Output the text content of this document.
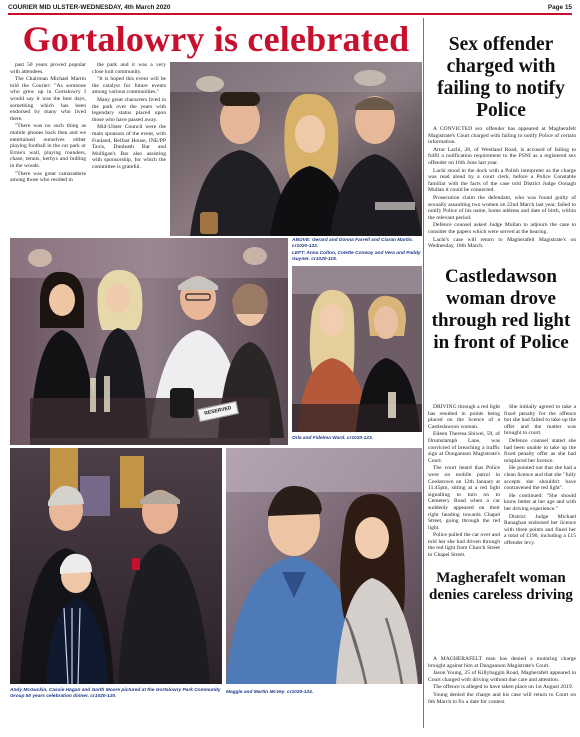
COURIER MID ULSTER-WEDNESDAY, 4th March 2020	Page 15
Gortalowry is celebrated

past 50 years proved popular with attendees.

The Chairman Michael Martin told the Courier: "As someone who grew up in Gortalowry I would say it was the best days, something which has been endorsed by many who lived there.

"There was no such thing as mobile phones back then and we entertained ourselves either playing football in the car park or Ernie's wall, playing rounders, chase, tennis, kerbys and bulling in the woods.

"There was great camaraderie among those who resided in

the park and it was a very close knit community.

"It is hoped this event will be the catalyst for future events among various communities."

Many great characters lived in the park over the years with legendary status placed upon those who have passed away.

Mid-Ulster Council were the main sponsors of the event, with Funland, Belfast House, INE/PP Taxis, Dunleath Bar and Mulligan's Bar also assisting with sponsorship, for which the committee is grateful.

RESERVED

ABOVE: Gerard and Donna Farrell and Ciaran Martin. cr1020-122.

LEFT: Anna Colton, Colette Conway and Vera and Paddy Guyner. cr1020-119.

Orla and Fidelma Ward. cr1020-123.

Andy McGuckin, Cassie Hagan and Garth Moore pictured at the Gortalowry Park Community Group 50 years celebration dinner. cr1020-120.

Maggie and Martin McVey. cr1020-124.

Sex offender charged with failing to notify Police

A CONVICTED sex offender has appeared at Magherafelt Magistrate's Court charged with failing to notify Police of certain information.

Artur Lachi, 28, of Westland Road, is accused of failing to fulfil a notification requirement to the PSNI as a registered sex offender on 16th June last year.

Lachi stood in the dock with a Polish interpreter as the charge was read aloud by a court clerk, before a Police Constable familiar with the facts of the case told District Judge Oonagh Mullan it could be connected.

Prosecution claim the defendant, who was found guilty of sexually assaulting two women on 22nd March last year, failed to notify Police of his name, home address and date of birth, within the relevant period.

Defence counsel asked Judge Mullan to adjourn the case to consider the papers which were served at the hearing.

Lachi's case will return to Magherafelt Magistrate's on Wednesday, 18th March.

Castledawson woman drove through red light in front of Police

DRIVING through a red light has resulted in points being placed on the licence of a Castledawson woman.

Eileen Theresa Shiwei, 59, of Drumslamph Lane, was convicted of breaching a traffic sign at Dungannon Magistrate's Court.

The court heard that Police were on mobile patrol in Cookstown on 12th January at 11.45pm, sitting at a red light signalling to turn on to Cemetery Road when a car suddenly appeared on their right heading towards Chapel Street, going through the red light.

Police pulled the car over and told her she had driven through the red light from Church Street to Chapel Street.

She initially agreed to take a fixed penalty for the offence but she had failed to take up the offer and the matter was brought to court.

Defence counsel stated she had been unable to take up the fixed penalty offer as she had misplaced her licence.

He pointed out that she had a clean licence and that she "fully accepts she shouldn't have contravened the red light".

He continued: "She should know better at her age and with her driving experience."

District Judge Michael Ranaghan endorsed her licence with three points and fined her a total of £190, including a £15 offender levy.

Magherafelt woman denies careless driving

A MAGHERAFELT man has denied a motoring charge brought against him at Dungannon Magistrate's Court.

Jason Young, 25 of Killybaggin Road, Magherafelt appeared in Court charged with driving without due care and attention.

The offence is alleged to have taken place on 1st August 2019.

Young denied the charge and his case will return to Court on 6th March to fix a date for contest.
